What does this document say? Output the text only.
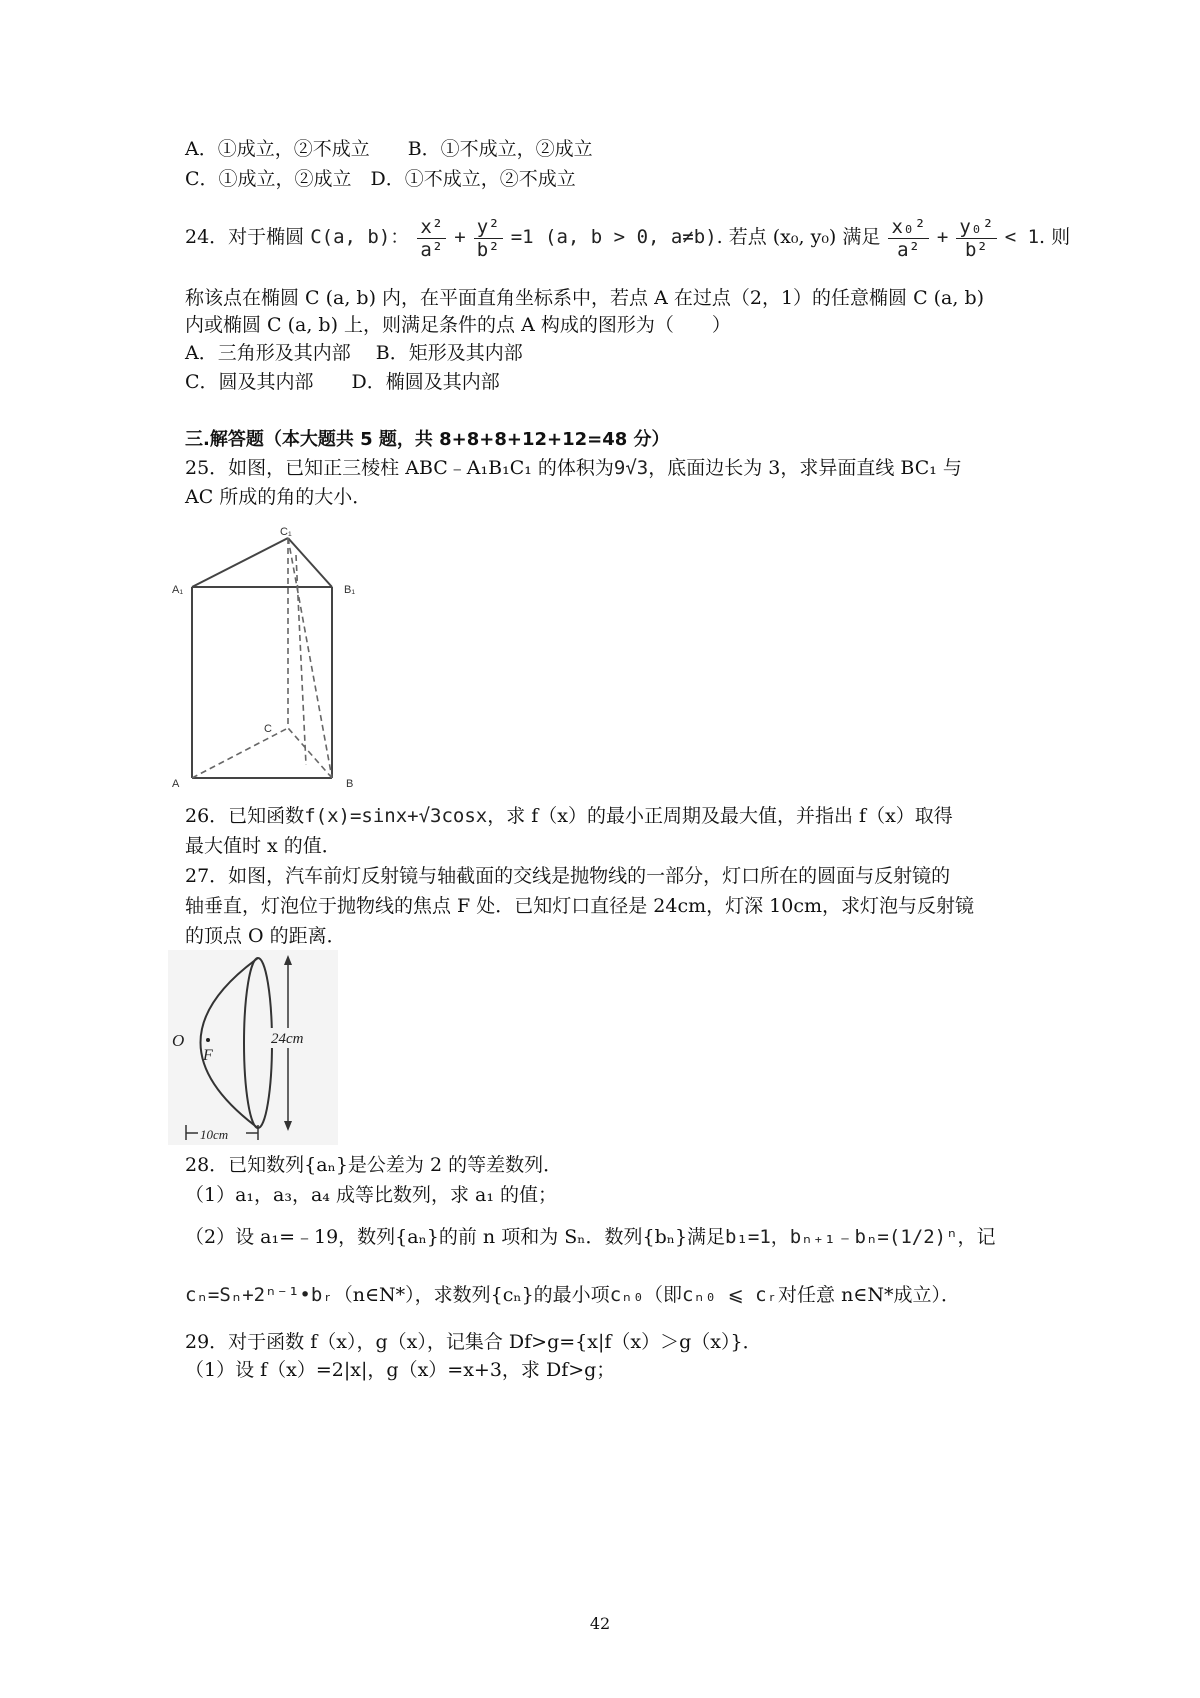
A．①成立，②不成立　　B．①不成立，②成立
C．①成立，②成立　D．①不成立，②不成立
24．对于椭圆 C(a, b)： $\frac{\text{x²}}{\text{a²}} + \frac{\text{y²}}{\text{b²}} =1$ (a, b > 0, a≠b). 若点 (x₀, y₀) 满足 $\frac{\text{x₀²}}{\text{a²}} + \frac{\text{y₀²}}{\text{b²}} < 1$. 则
称该点在椭圆 C (a, b) 内，在平面直角坐标系中，若点 A 在过点（2，1）的任意椭圆 C (a, b)
内或椭圆 C (a, b) 上，则满足条件的点 A 构成的图形为（　　）
A．三角形及其内部　 B．矩形及其内部
C．圆及其内部　　D．椭圆及其内部
三.解答题（本大题共 5 题，共 8+8+8+12+12=48 分）
25．如图，已知正三棱柱 ABC﹣A₁B₁C₁ 的体积为9√3，底面边长为 3，求异面直线 BC₁ 与
AC 所成的角的大小．
C₁
A₁	B₁
C
A	B
26．已知函数f(x)=sinx+√3cosx，求 f（x）的最小正周期及最大值，并指出 f（x）取得
最大值时 x 的值．
27．如图，汽车前灯反射镜与轴截面的交线是抛物线的一部分，灯口所在的圆面与反射镜的
轴垂直，灯泡位于抛物线的焦点 F 处．已知灯口直径是 24cm，灯深 10cm，求灯泡与反射镜
的顶点 O 的距离．
24cm
O
F
10cm
28．已知数列{aₙ}是公差为 2 的等差数列．
（1）a₁，a₃，a₄ 成等比数列，求 a₁ 的值；
（2）设 a₁=﹣19，数列{aₙ}的前 n 项和为 Sₙ．数列{bₙ}满足b₁=1，bₙ₊₁﹣bₙ=(1/2)ⁿ，记
cₙ=Sₙ+2ⁿ⁻¹•bᵣ（n∈N*），求数列{cₙ}的最小项cₙ₀（即cₙ₀ ⩽ cᵣ对任意 n∈N*成立）．
29．对于函数 f（x），g（x），记集合 Df>g={x|f（x）＞g（x）}．
（1）设 f（x）=2|x|，g（x）=x+3，求 Df>g；
42
